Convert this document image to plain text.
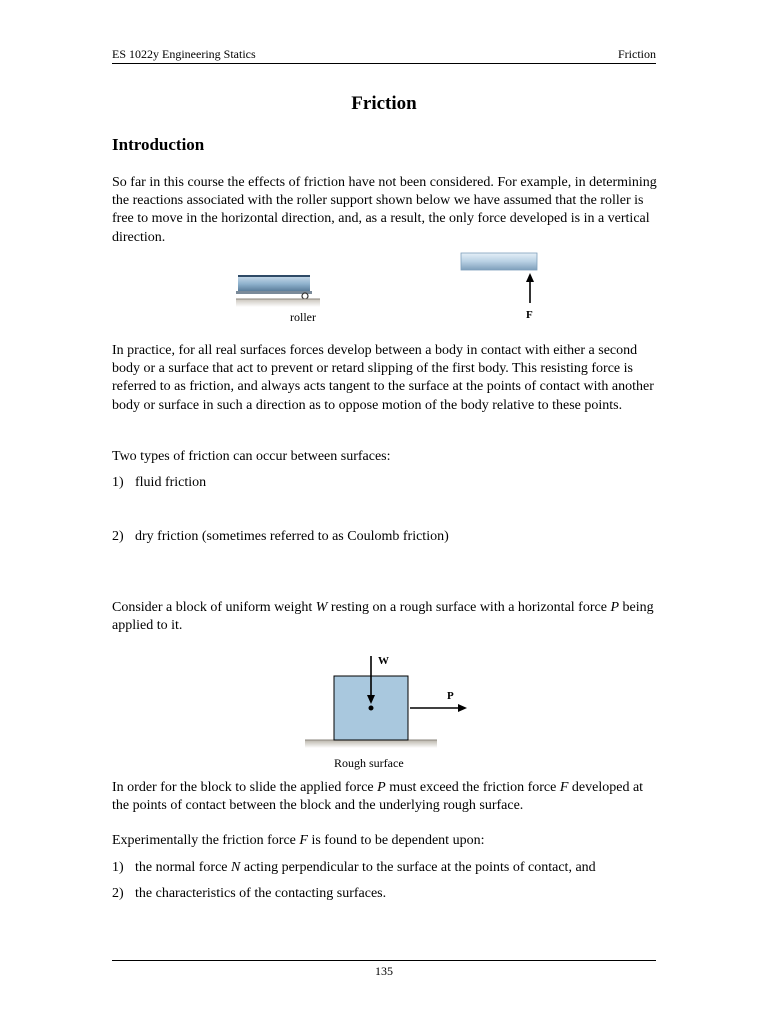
ES 1022y Engineering Statics	Friction
Friction
Introduction
So far in this course the effects of friction have not been considered. For example, in determining the reactions associated with the roller support shown below we have assumed that the roller is free to move in the horizontal direction, and, as a result, the only force developed is in a vertical direction.
roller	F
In practice, for all real surfaces forces develop between a body in contact with either a second body or a surface that act to prevent or retard slipping of the first body. This resisting force is referred to as friction, and always acts tangent to the surface at the points of contact with another body or surface in such a direction as to oppose motion of the body relative to these points.
Two types of friction can occur between surfaces:
1) fluid friction
2) dry friction (sometimes referred to as Coulomb friction)
Consider a block of uniform weight W resting on a rough surface with a horizontal force P being applied to it.
W
P
Rough surface
In order for the block to slide the applied force P must exceed the friction force F developed at the points of contact between the block and the underlying rough surface.
Experimentally the friction force F is found to be dependent upon:
1) the normal force N acting perpendicular to the surface at the points of contact, and
2) the characteristics of the contacting surfaces.
135
